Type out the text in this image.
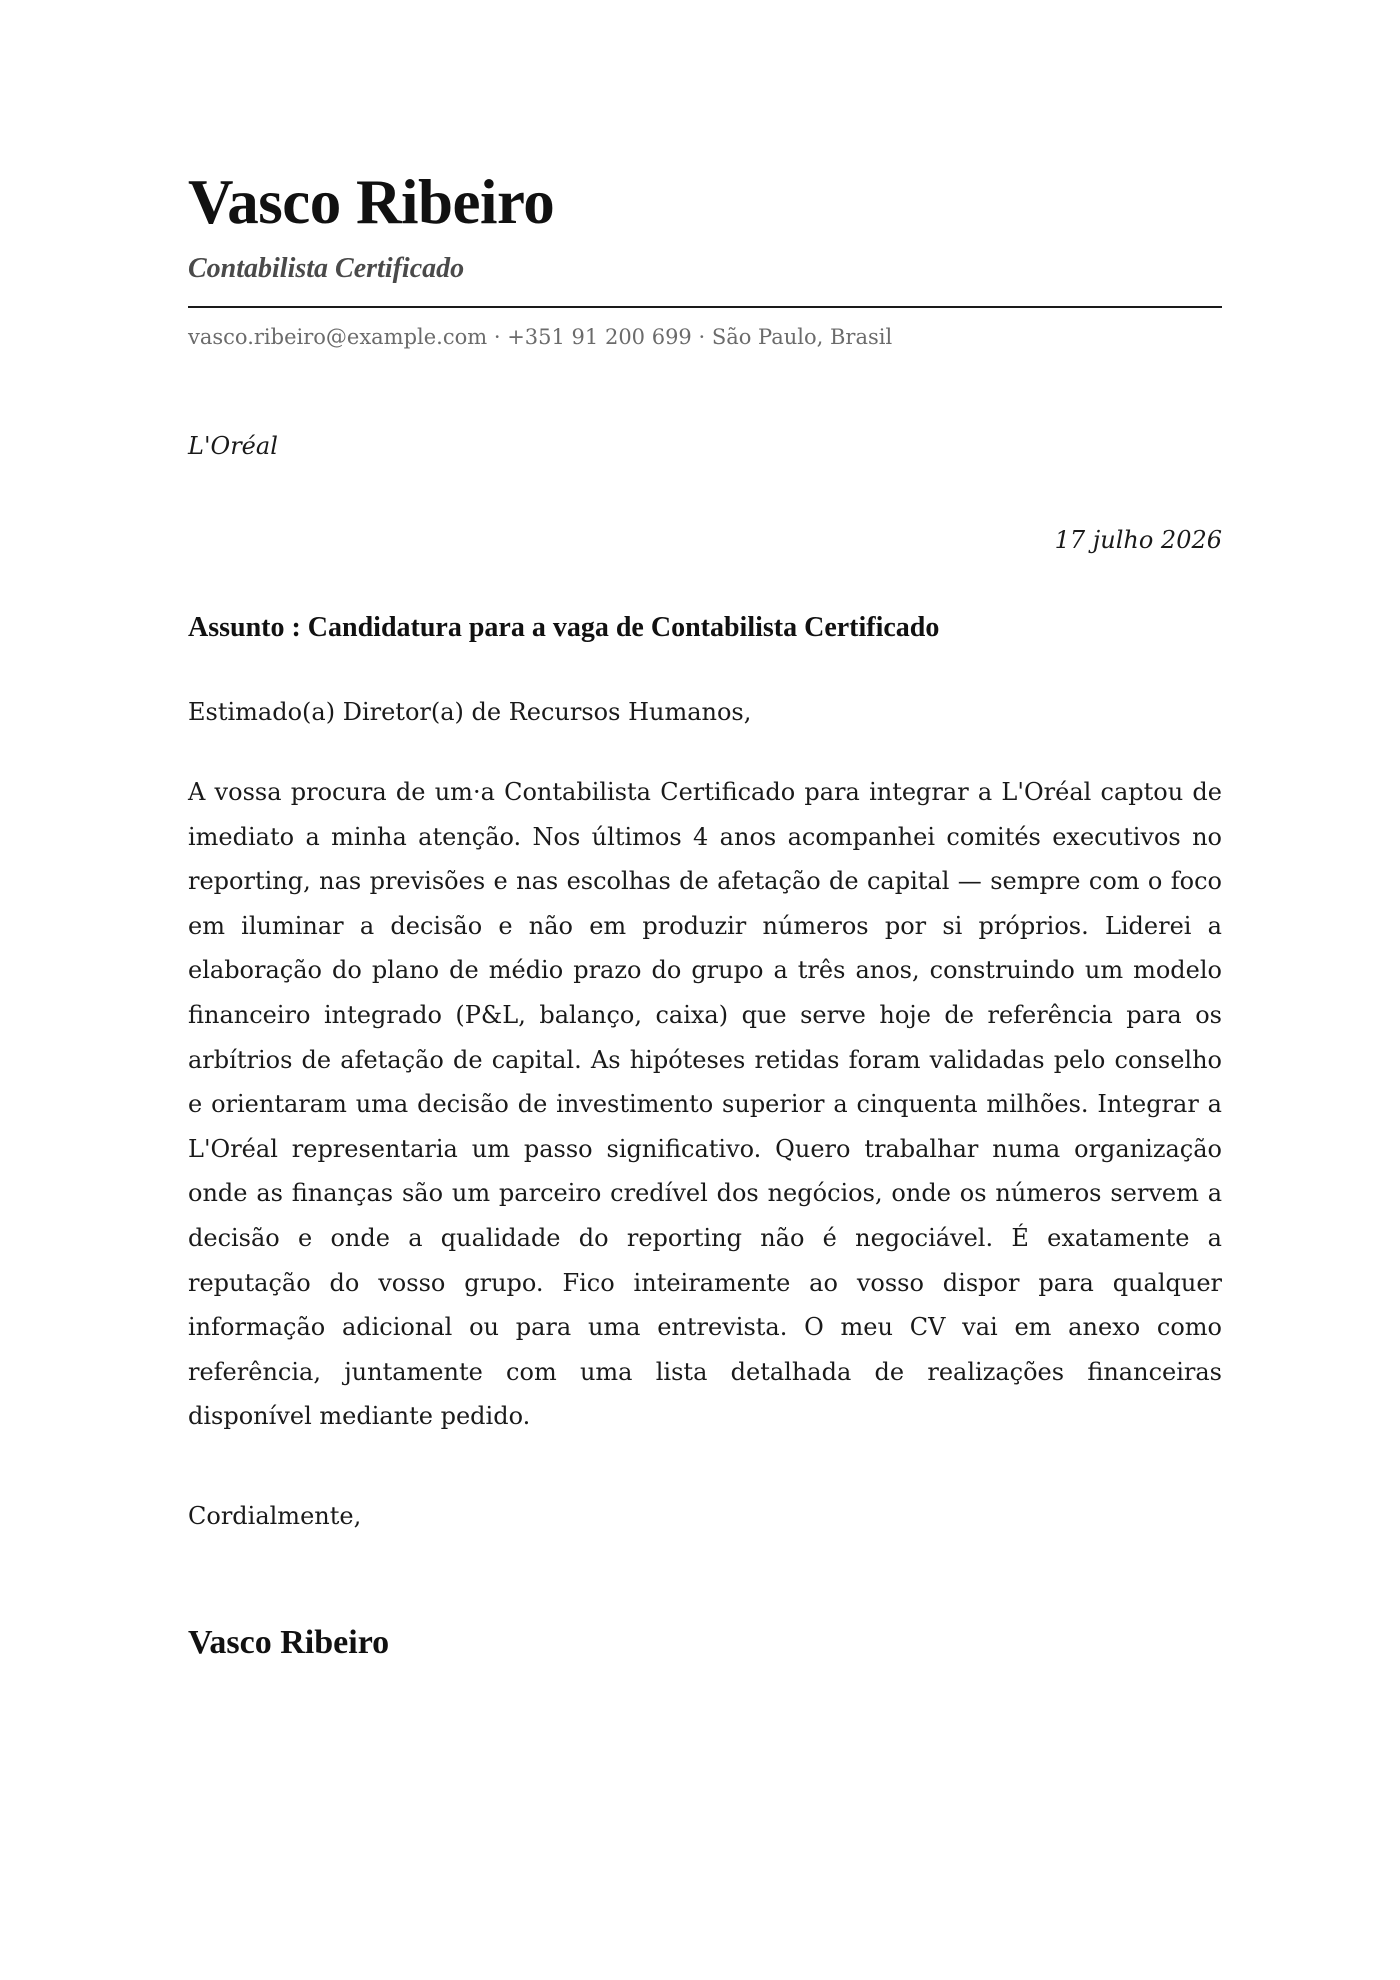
Vasco Ribeiro
Contabilista Certificado
vasco.ribeiro@example.com · +351 91 200 699 · São Paulo, Brasil
L'Oréal
17 julho 2026
Assunto : Candidatura para a vaga de Contabilista Certificado
Estimado(a) Diretor(a) de Recursos Humanos,

A vossa procura de um·a Contabilista Certificado para integrar a L'Oréal captou de imediato a minha atenção. Nos últimos 4 anos acompanhei comités executivos no reporting, nas previsões e nas escolhas de afetação de capital — sempre com o foco em iluminar a decisão e não em produzir números por si próprios. Liderei a elaboração do plano de médio prazo do grupo a três anos, construindo um modelo financeiro integrado (P&L, balanço, caixa) que serve hoje de referência para os arbítrios de afetação de capital. As hipóteses retidas foram validadas pelo conselho e orientaram uma decisão de investimento superior a cinquenta milhões. Integrar a L'Oréal representaria um passo significativo. Quero trabalhar numa organização onde as finanças são um parceiro credível dos negócios, onde os números servem a decisão e onde a qualidade do reporting não é negociável. É exatamente a reputação do vosso grupo. Fico inteiramente ao vosso dispor para qualquer informação adicional ou para uma entrevista. O meu CV vai em anexo como referência, juntamente com uma lista detalhada de realizações financeiras disponível mediante pedido.

Cordialmente,
Vasco Ribeiro
